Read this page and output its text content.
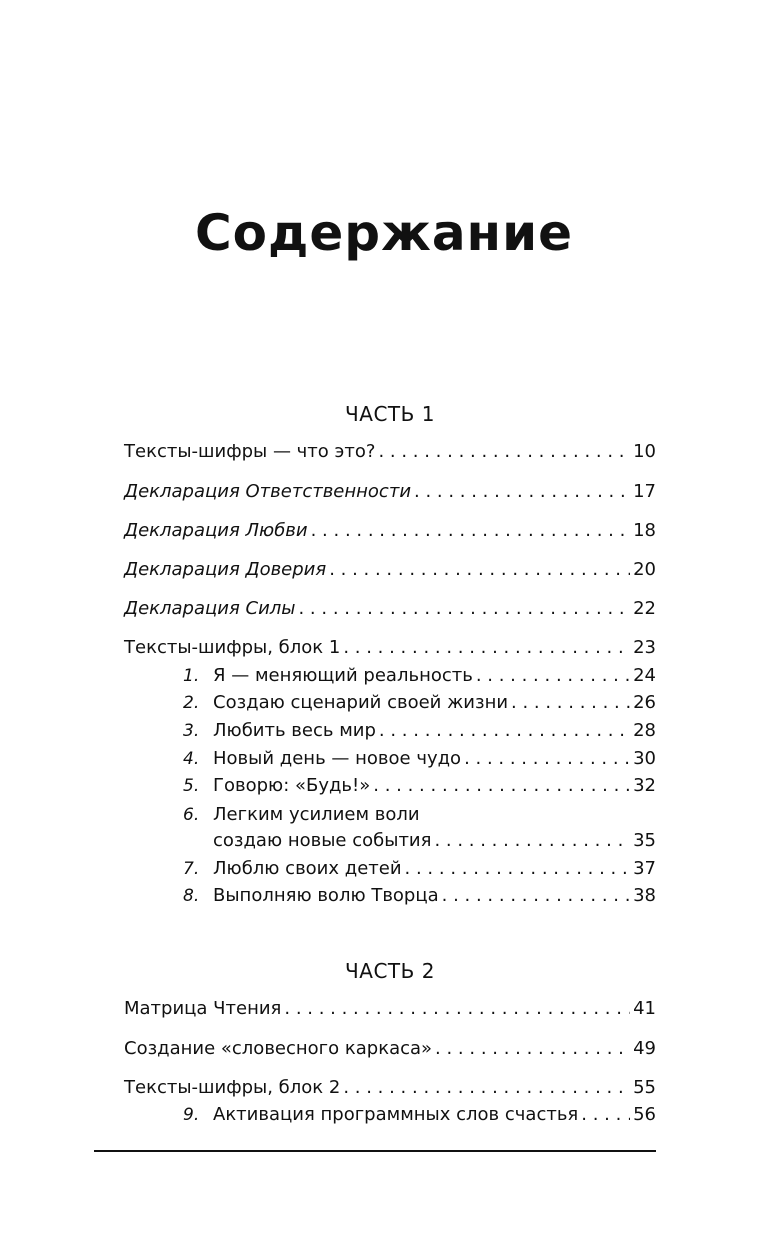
Содержание
ЧАСТЬ 1
Тексты-шифры — что это? . . .	10
Декларация Ответственности . . .	17
Декларация Любви . . .	18
Декларация Доверия . . .	20
Декларация Силы . . .	22
Тексты-шифры, блок 1 . . .	23
1. Я — меняющий реальность . . .	24
2. Создаю сценарий своей жизни . . .	26
3. Любить весь мир . . .	28
4. Новый день — новое чудо . . .	30
5. Говорю: «Будь!» . . .	32
6. Легким усилием воли
создаю новые события . . .	35
7. Люблю своих детей . . .	37
8. Выполняю волю Творца . . .	38
ЧАСТЬ 2
Матрица Чтения . . .	41
Создание «словесного каркаса» . . .	49
Тексты-шифры, блок 2 . . .	55
9. Активация программных слов счастья . . .	56
